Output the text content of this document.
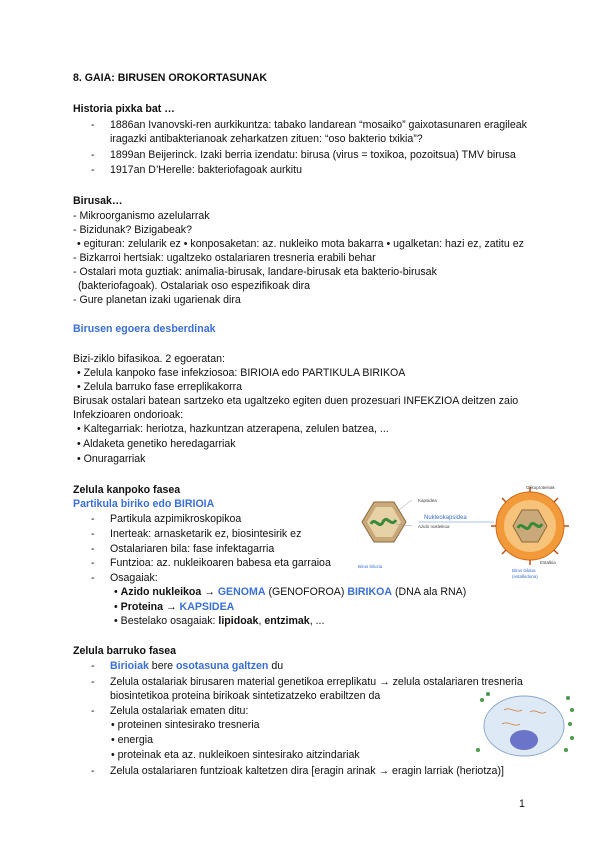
8. GAIA: BIRUSEN OROKORTASUNAK
Historia pixka bat …
- 1886an Ivanovski-ren aurkikuntza: tabako landarean “mosaiko” gaixotasunaren eragileak
iragazki antibakterianoak zeharkatzen zituen: “oso bakterio txikia”?
- 1899an Beijerinck. Izaki berria izendatu: birusa (virus = toxikoa, pozoitsua) TMV birusa
- 1917an D’Herelle: bakteriofagoak aurkitu
Birusak…
- Mikroorganismo azelularrak
- Bizidunak? Bizigabeak?
• egituran: zelularik ez • konposaketan: az. nukleiko mota bakarra • ugalketan: hazi ez, zatitu ez
- Bizkarroi hertsiak: ugaltzeko ostalariaren tresneria erabili behar
- Ostalari mota guztiak: animalia-birusak, landare-birusak eta bakterio-birusak
(bakteriofagoak). Ostalariak oso espezifikoak dira
- Gure planetan izaki ugarienak dira
Birusen egoera desberdinak
Bizi-ziklo bifasikoa. 2 egoeratan:
• Zelula kanpoko fase infekziosoa: BIRIOIA edo PARTIKULA BIRIKOA
• Zelula barruko fase erreplikakorra
Birusak ostalari batean sartzeko eta ugaltzeko egiten duen prozesuari INFEKZIOA deitzen zaio
Infekzioaren ondorioak:
• Kaltegarriak: heriotza, hazkuntzan atzerapena, zelulen batzea, ...
• Aldaketa genetiko heredagarriak
• Onuragarriak
Zelula kanpoko fasea
Partikula biriko edo BIRIOIA
- Partikula azpimikroskopikoa
- Inerteak: arnasketarik ez, biosintesirik ez
- Ostalariaren bila: fase infektagarria
- Funtzioa: az. nukleikoaren babesa eta garraioa
- Osagaiak:
• Azido nukleikoa → GENOMA (GENOFOROA) BIRIKOA (DNA ala RNA)
• Proteina → KAPSIDEA
• Bestelako osagaiak: lipidoak, entzimak, ...
Kapsidea
Azido nukleikoa
Nukleokapsidea
Birus biluzia
Glikoproteinak
Estalkia
Birus bildua
(estalkiduna)
Zelula barruko fasea
- Birioiak bere osotasuna galtzen du
- Zelula ostalariak birusaren material genetikoa erreplikatu → zelula ostalariaren tresneria
biosintetikoa proteina birikoak sintetizatzeko erabiltzen da
- Zelula ostalariak ematen ditu:
• proteinen sintesirako tresneria
• energia
• proteinak eta az. nukleikoen sintesirako aitzindariak
- Zelula ostalariaren funtzioak kaltetzen dira [eragin arinak → eragin larriak (heriotza)]
1
